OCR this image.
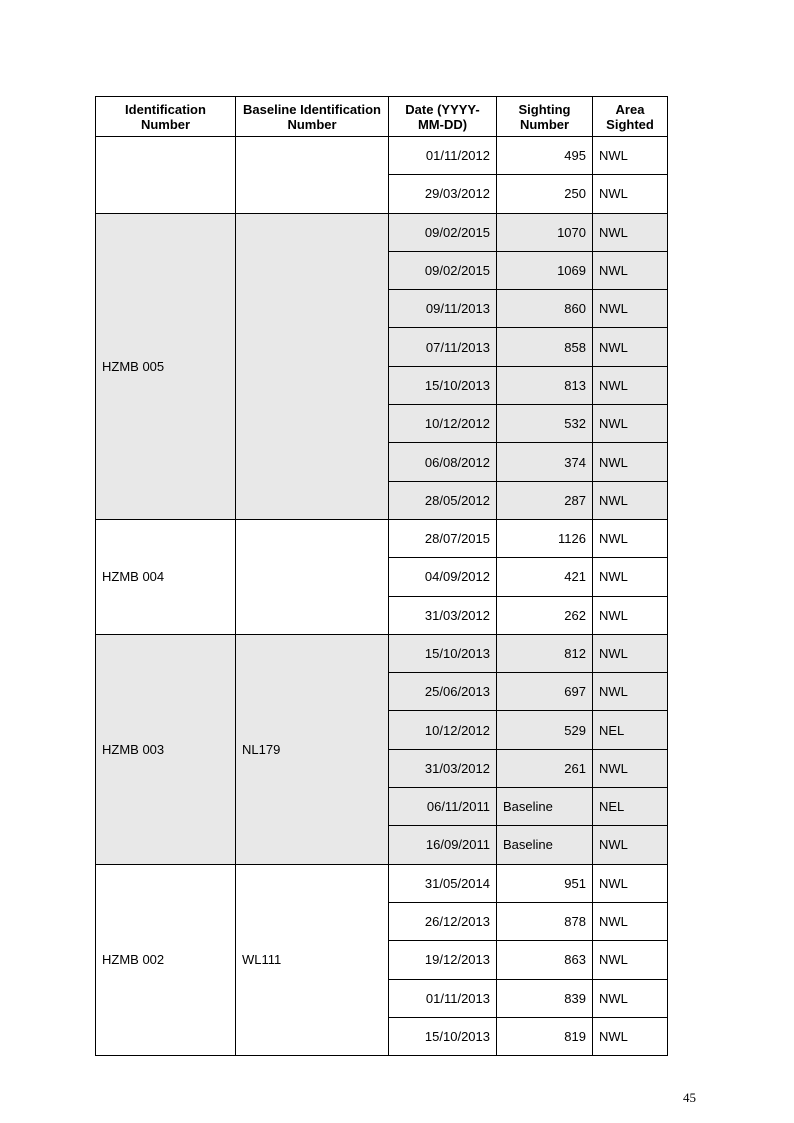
Identification Number	Baseline Identification Number	Date (YYYY-MM-DD)	Sighting Number	Area Sighted
		01/11/2012	495	NWL
		29/03/2012	250	NWL
HZMB 005		09/02/2015	1070	NWL
		09/02/2015	1069	NWL
		09/11/2013	860	NWL
		07/11/2013	858	NWL
		15/10/2013	813	NWL
		10/12/2012	532	NWL
		06/08/2012	374	NWL
		28/05/2012	287	NWL
HZMB 004		28/07/2015	1126	NWL
		04/09/2012	421	NWL
		31/03/2012	262	NWL
HZMB 003	NL179	15/10/2013	812	NWL
		25/06/2013	697	NWL
		10/12/2012	529	NEL
		31/03/2012	261	NWL
		06/11/2011	Baseline	NEL
		16/09/2011	Baseline	NWL
HZMB 002	WL111	31/05/2014	951	NWL
		26/12/2013	878	NWL
		19/12/2013	863	NWL
		01/11/2013	839	NWL
		15/10/2013	819	NWL
45
